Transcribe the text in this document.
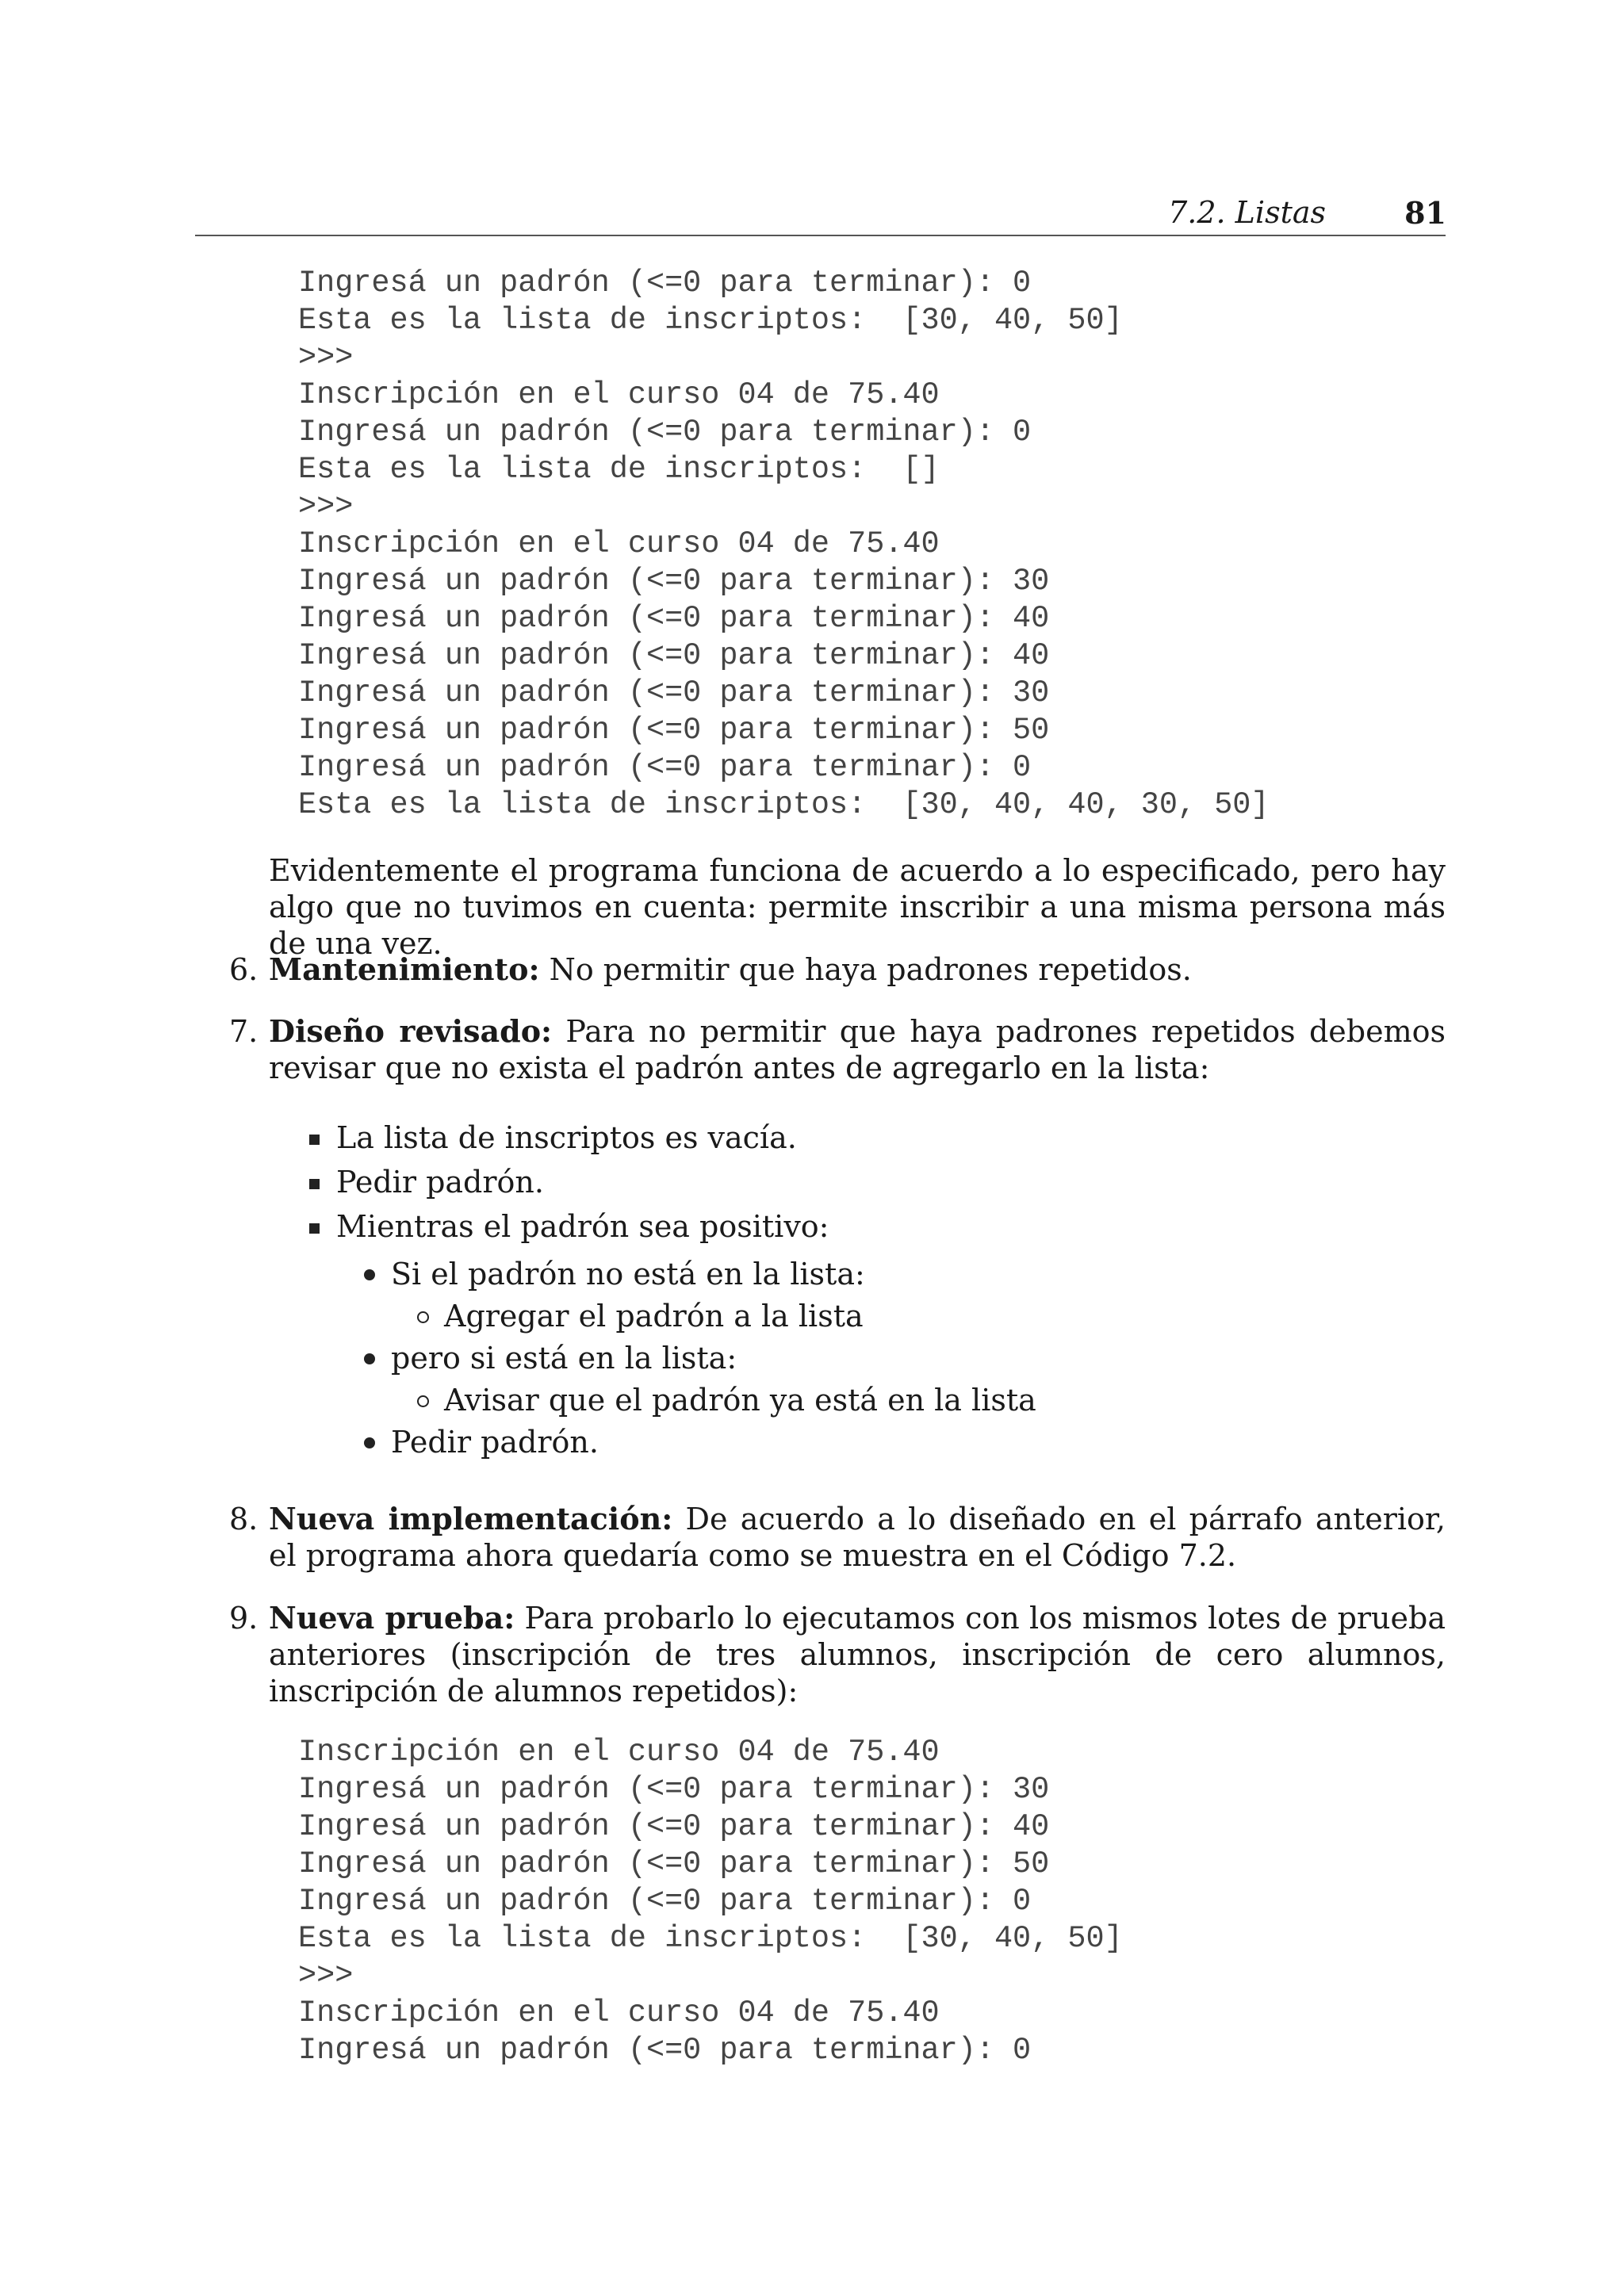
7.2. Listas	81
Ingresá un padrón (<=0 para terminar): 0
Esta es la lista de inscriptos:  [30, 40, 50]
>>>
Inscripción en el curso 04 de 75.40
Ingresá un padrón (<=0 para terminar): 0
Esta es la lista de inscriptos:  []
>>>
Inscripción en el curso 04 de 75.40
Ingresá un padrón (<=0 para terminar): 30
Ingresá un padrón (<=0 para terminar): 40
Ingresá un padrón (<=0 para terminar): 40
Ingresá un padrón (<=0 para terminar): 30
Ingresá un padrón (<=0 para terminar): 50
Ingresá un padrón (<=0 para terminar): 0
Esta es la lista de inscriptos:  [30, 40, 40, 30, 50]

Evidentemente el programa funciona de acuerdo a lo especificado, pero hay algo que no tuvimos en cuenta: permite inscribir a una misma persona más de una vez.

6. Mantenimiento: No permitir que haya padrones repetidos.
7. Diseño revisado: Para no permitir que haya padrones repetidos debemos revisar que no exista el padrón antes de agregarlo en la lista:
La lista de inscriptos es vacía.
Pedir padrón.
Mientras el padrón sea positivo:
Si el padrón no está en la lista:
Agregar el padrón a la lista
pero si está en la lista:
Avisar que el padrón ya está en la lista
Pedir padrón.
8. Nueva implementación: De acuerdo a lo diseñado en el párrafo anterior, el programa ahora quedaría como se muestra en el Código 7.2.
9. Nueva prueba: Para probarlo lo ejecutamos con los mismos lotes de prueba anteriores (inscripción de tres alumnos, inscripción de cero alumnos, inscripción de alumnos repetidos):
Inscripción en el curso 04 de 75.40
Ingresá un padrón (<=0 para terminar): 30
Ingresá un padrón (<=0 para terminar): 40
Ingresá un padrón (<=0 para terminar): 50
Ingresá un padrón (<=0 para terminar): 0
Esta es la lista de inscriptos:  [30, 40, 50]
>>>
Inscripción en el curso 04 de 75.40
Ingresá un padrón (<=0 para terminar): 0
